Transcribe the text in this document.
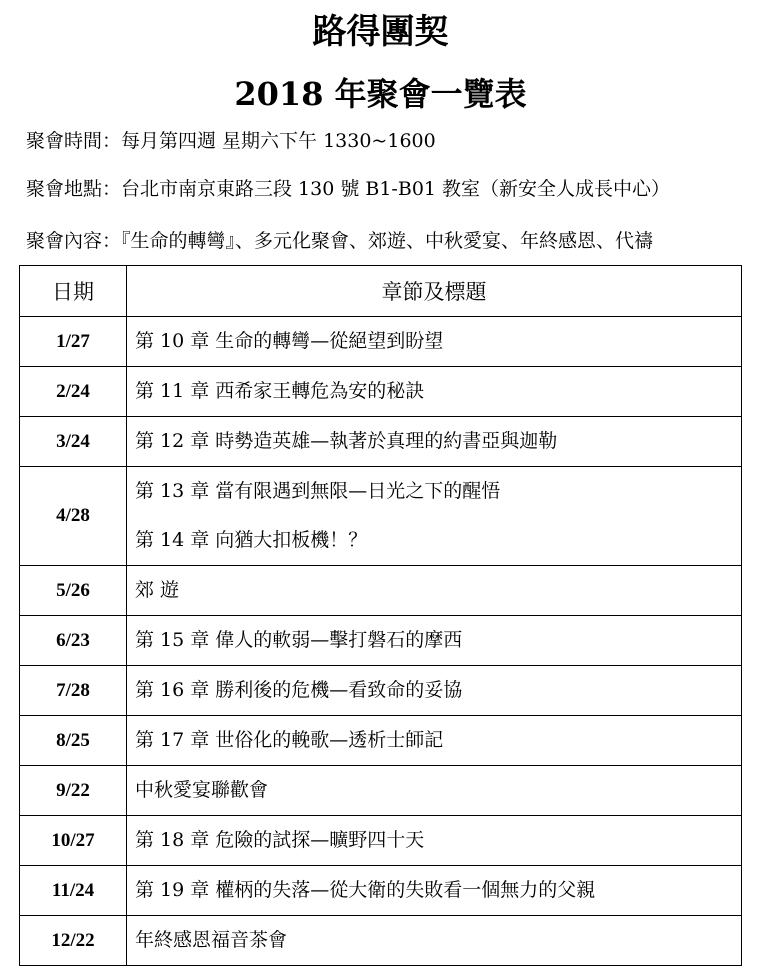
路得團契
2018 年聚會一覽表
聚會時間：每月第四週 星期六下午 1330~1600
聚會地點：台北市南京東路三段 130 號 B1-B01 教室（新安全人成長中心）
聚會內容：『生命的轉彎』、多元化聚會、郊遊、中秋愛宴、年終感恩、代禱
日期	章節及標題
1/27	第 10 章 生命的轉彎—從絕望到盼望

2/24	第 11 章 西希家王轉危為安的秘訣

3/24	第 12 章 時勢造英雄—執著於真理的約書亞與迦勒

4/28	第 13 章 當有限遇到無限—日光之下的醒悟
第 14 章 向猶大扣板機！？

5/26	郊 遊

6/23	第 15 章 偉人的軟弱—擊打磐石的摩西

7/28	第 16 章 勝利後的危機—看致命的妥協

8/25	第 17 章 世俗化的輓歌—透析士師記

9/22	中秋愛宴聯歡會

10/27	第 18 章 危險的試探—曠野四十天

11/24	第 19 章 權柄的失落—從大衛的失敗看一個無力的父親

12/22	年終感恩福音茶會
